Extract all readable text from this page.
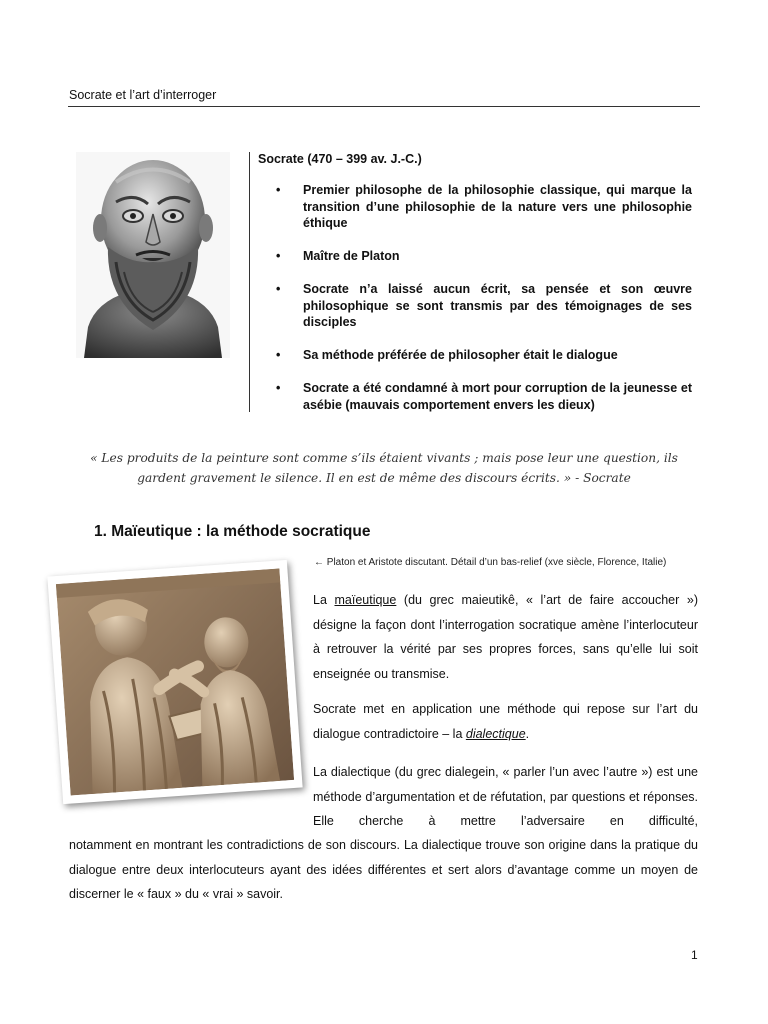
Socrate et l’art d’interroger
Socrate (470 – 399 av. J.-C.)
• Premier philosophe de la philosophie classique, qui marque la transition d’une philosophie de la nature vers une philosophie éthique
• Maître de Platon
• Socrate n’a laissé aucun écrit, sa pensée et son œuvre philosophique se sont transmis par des témoignages de ses disciples
• Sa méthode préférée de philosopher était le dialogue
• Socrate a été condamné à mort pour corruption de la jeunesse et asébie (mauvais comportement envers les dieux)
« Les produits de la peinture sont comme s’ils étaient vivants ; mais pose leur une question, ils gardent gravement le silence. Il en est de même des discours écrits. » - Socrate
1. Maïeutique : la méthode socratique
← Platon et Aristote discutant. Détail d’un bas-relief (xve siècle, Florence, Italie)

La maïeutique (du grec maieutikê, « l’art de faire accoucher ») désigne la façon dont l’interrogation socratique amène l’interlocuteur à retrouver la vérité par ses propres forces, sans qu’elle lui soit enseignée ou transmise.

Socrate met en application une méthode qui repose sur l’art du dialogue contradictoire – la dialectique.

La dialectique (du grec dialegein, « parler l’un avec l’autre ») est une méthode d’argumentation et de réfutation, par questions et réponses. Elle cherche à mettre l’adversaire en difficulté,

notamment en montrant les contradictions de son discours. La dialectique trouve son origine dans la pratique du dialogue entre deux interlocuteurs ayant des idées différentes et sert alors d’avantage comme un moyen de discerner le « faux » du « vrai » savoir.

1
